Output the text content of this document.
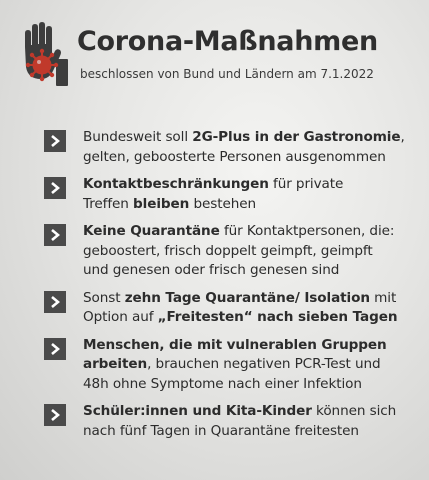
Corona-Maßnahmen

beschlossen von Bund und Ländern am 7.1.2022

Bundesweit soll 2G-Plus in der Gastronomie,
gelten, geboosterte Personen ausgenommen
Kontaktbeschränkungen für private
Treffen bleiben bestehen
Keine Quarantäne für Kontaktpersonen, die:
geboostert, frisch doppelt geimpft, geimpft
und genesen oder frisch genesen sind
Sonst zehn Tage Quarantäne/ Isolation mit
Option auf „Freitesten“ nach sieben Tagen
Menschen, die mit vulnerablen Gruppen
arbeiten, brauchen negativen PCR-Test und
48h ohne Symptome nach einer Infektion
Schüler:innen und Kita-Kinder können sich
nach fünf Tagen in Quarantäne freitesten
